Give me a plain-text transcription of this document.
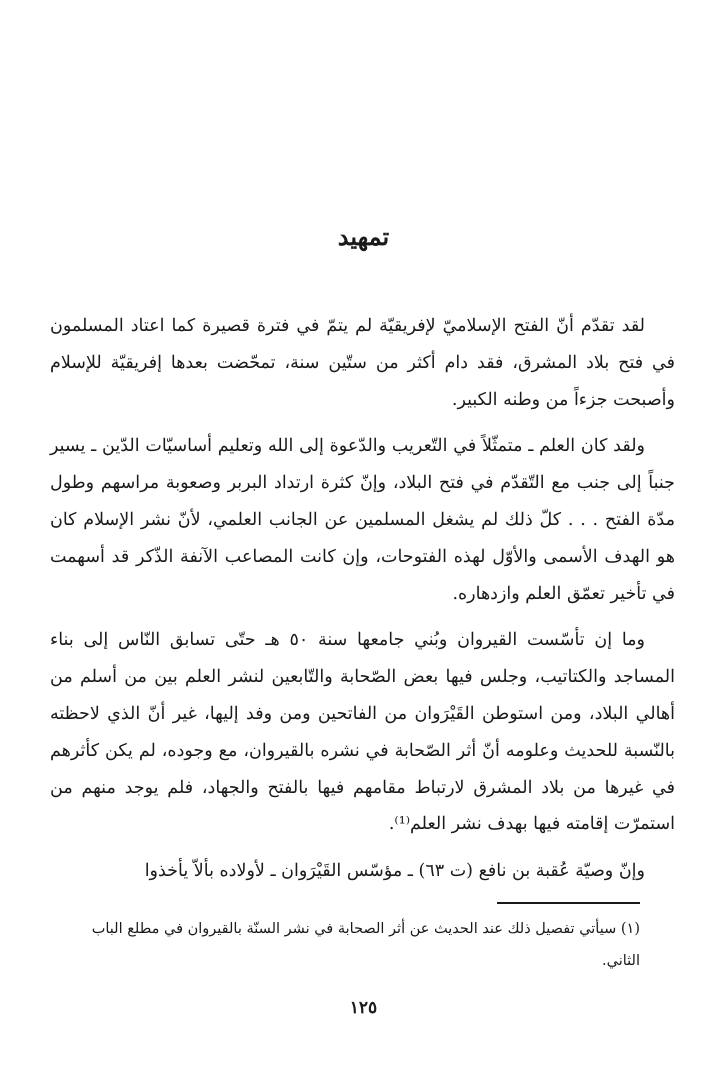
تمهيد

لقد تقدّم أنّ الفتح الإسلاميّ لإفريقيّة لم يتمّ في فترة قصيرة كما اعتاد المسلمون في فتح بلاد المشرق، فقد دام أكثر من ستّين سنة، تمحّضت بعدها إفريقيّة للإسلام وأصبحت جزءاً من وطنه الكبير.

ولقد كان العلم ـ متمثّلاً في التّعريب والدّعوة إلى الله وتعليم أساسيّات الدّين ـ يسير جنباً إلى جنب مع التّقدّم في فتح البلاد، وإنّ كثرة ارتداد البربر وصعوبة مراسهم وطول مدّة الفتح . . . كلّ ذلك لم يشغل المسلمين عن الجانب العلمي، لأنّ نشر الإسلام كان هو الهدف الأسمى والأوّل لهذه الفتوحات، وإن كانت المصاعب الآنفة الذّكر قد أسهمت في تأخير تعمّق العلم وازدهاره.

وما إن تأسّست القيروان وبُني جامعها سنة ٥٠ هـ حتّى تسابق النّاس إلى بناء المساجد والكتاتيب، وجلس فيها بعض الصّحابة والتّابعين لنشر العلم بين من أسلم من أهالي البلاد، ومن استوطن القَيْرَوان من الفاتحين ومن وفد إليها، غير أنّ الذي لاحظته بالنّسبة للحديث وعلومه أنّ أثر الصّحابة في نشره بالقيروان، مع وجوده، لم يكن كأثرهم في غيرها من بلاد المشرق لارتباط مقامهم فيها بالفتح والجهاد، فلم يوجد منهم من استمرّت إقامته فيها بهدف نشر العلم⁽¹⁾.

وإنّ وصيّة عُقبة بن نافع (ت ٦٣) ـ مؤسّس القَيْرَوان ـ لأولاده بألاّ يأخذوا

(١) سيأتي تفصيل ذلك عند الحديث عن أثر الصحابة في نشر السنّة بالقيروان في مطلع الباب الثاني.

١٢٥
